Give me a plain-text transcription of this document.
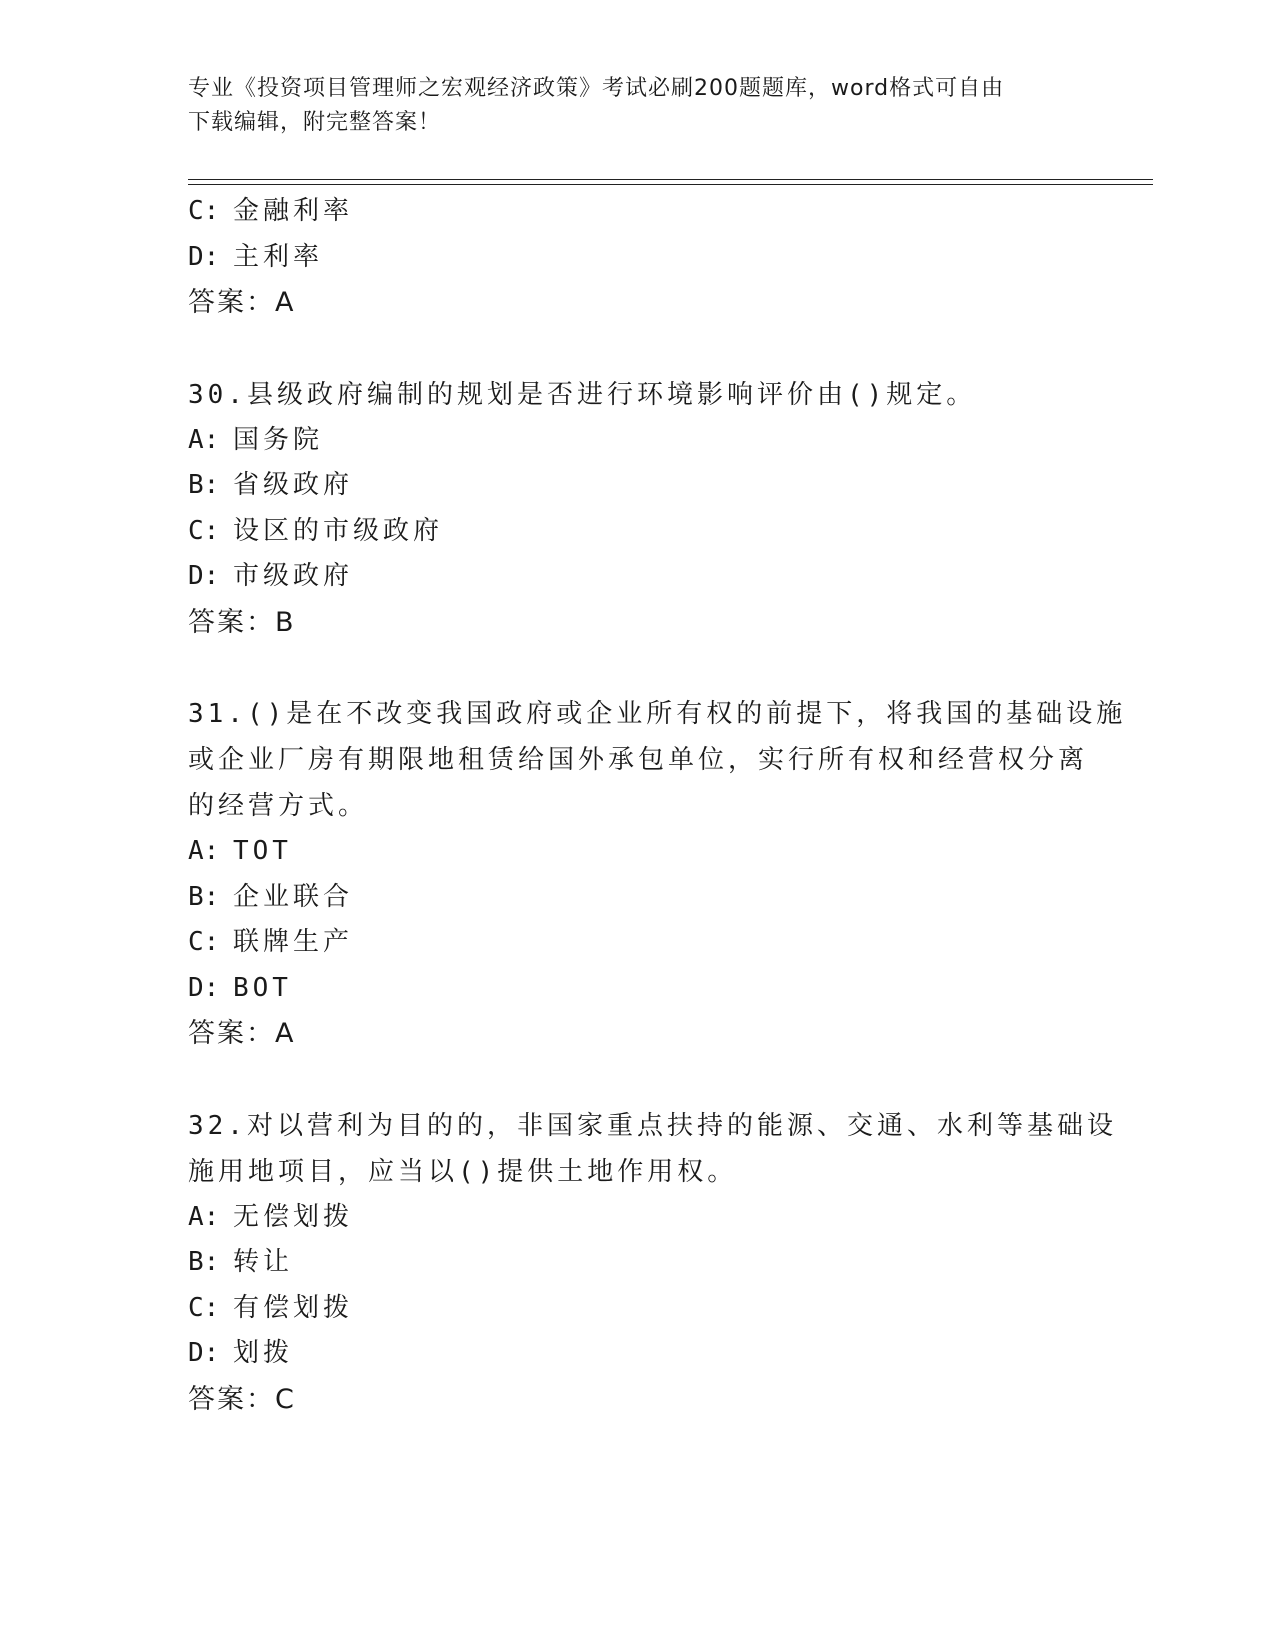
专业《投资项目管理师之宏观经济政策》考试必刷200题题库，word格式可自由
下载编辑，附完整答案！
C: 金融利率
D: 主利率
答案：A
30.县级政府编制的规划是否进行环境影响评价由()规定。
A: 国务院
B: 省级政府
C: 设区的市级政府
D: 市级政府
答案：B
31.()是在不改变我国政府或企业所有权的前提下，将我国的基础设施
或企业厂房有期限地租赁给国外承包单位，实行所有权和经营权分离
的经营方式。
A: TOT
B: 企业联合
C: 联牌生产
D: BOT
答案：A
32.对以营利为目的的，非国家重点扶持的能源、交通、水利等基础设
施用地项目，应当以()提供土地作用权。
A: 无偿划拨
B: 转让
C: 有偿划拨
D: 划拨
答案：C
